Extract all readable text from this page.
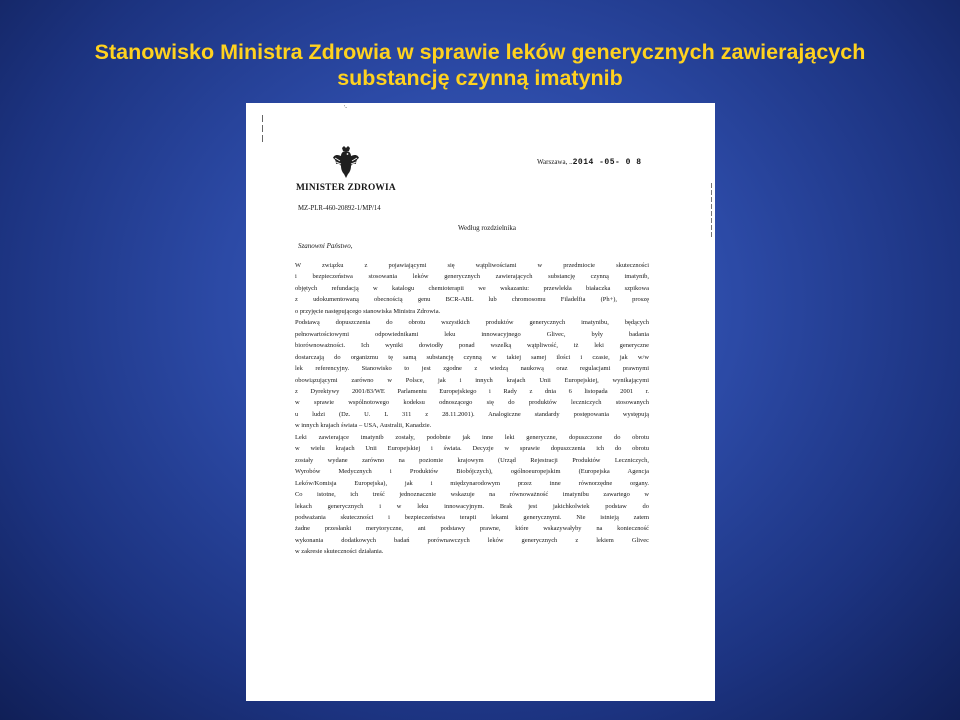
Stanowisko Ministra Zdrowia w sprawie leków generycznych zawierających
substancję czynną imatynib
'-
MINISTER ZDROWIA
MZ-PLR-460-20892-1/MP/14
Warszawa, ..2014 -05- 0 8
Według rozdzielnika
Szanowni Państwo,
W związku z pojawiającymi się wątpliwościami w przedmiocie skuteczności
i bezpieczeństwa stosowania leków generycznych zawierających substancję czynną imatynib,
objętych refundacją w katalogu chemioterapii we wskazaniu: przewlekła białaczka szpikowa
z udokumentowaną obecnością genu BCR-ABL lub chromosomu Filadelfia (Ph+), proszę
o przyjęcie następującego stanowiska Ministra Zdrowia.
Podstawą dopuszczenia do obrotu wszystkich produktów generycznych imatynibu, będących
pełnowartościowymi odpowiednikami leku innowacyjnego Glivec, były badania
biorównoważności. Ich wyniki dowiodły ponad wszelką wątpliwość, iż leki generyczne
dostarczają do organizmu tę samą substancję czynną w takiej samej ilości i czasie, jak w/w
lek referencyjny. Stanowisko to jest zgodne z wiedzą naukową oraz regulacjami prawnymi
obowiązującymi zarówno w Polsce, jak i innych krajach Unii Europejskiej, wynikającymi
z Dyrektywy 2001/83/WE Parlamentu Europejskiego i Rady z dnia 6 listopada 2001 r.
w sprawie wspólnotowego kodeksu odnoszącego się do produktów leczniczych stosowanych
u ludzi (Dz. U. L 311 z 28.11.2001). Analogiczne standardy postępowania występują
w innych krajach świata – USA, Australii, Kanadzie.
Leki zawierające imatynib zostały, podobnie jak inne leki generyczne, dopuszczone do obrotu
w wielu krajach Unii Europejskiej i świata. Decyzje w sprawie dopuszczenia ich do obrotu
zostały wydane zarówno na poziomie krajowym (Urząd Rejestracji Produktów Leczniczych,
Wyrobów Medycznych i Produktów Biobójczych), ogólnoeuropejskim (Europejska Agencja
Leków/Komisja Europejska), jak i międzynarodowym przez inne równorzędne organy.
Co istotne, ich treść jednoznacznie wskazuje na równoważność imatynibu zawartego w
lekach generycznych i w leku innowacyjnym. Brak jest jakichkolwiek podstaw do
podważania skuteczności i bezpieczeństwa terapii lekami generycznymi. Nie istnieją zatem
żadne przesłanki merytoryczne, ani podstawy prawne, które wskazywałyby na konieczność
wykonania dodatkowych badań porównawczych leków generycznych z lekiem Glivec
w zakresie skuteczności działania.
